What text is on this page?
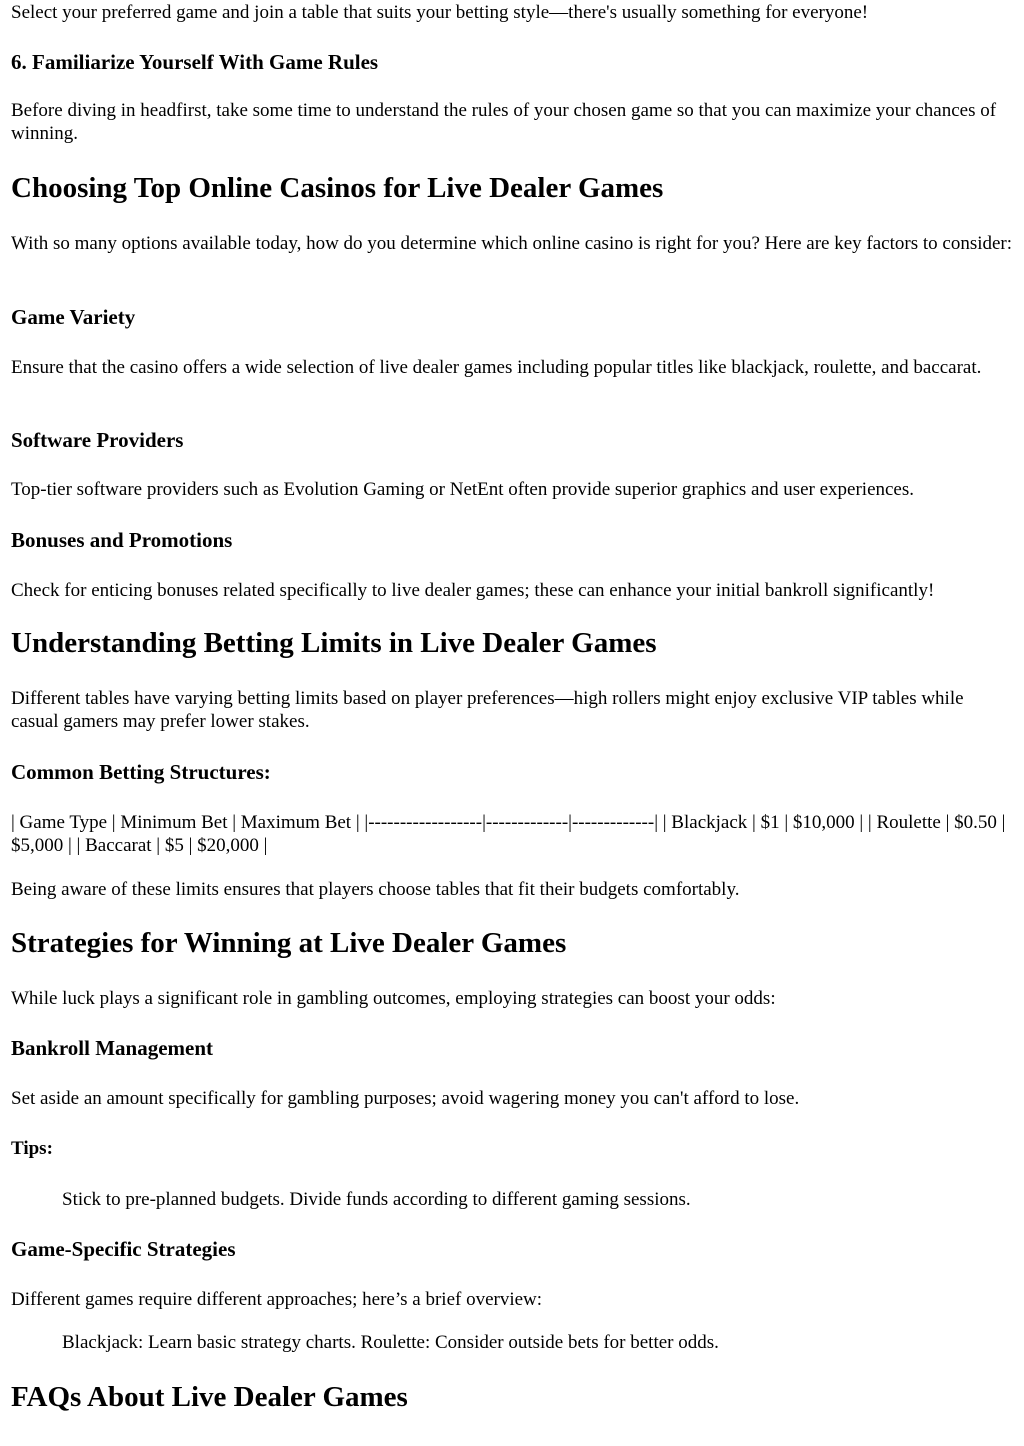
Select your preferred game and join a table that suits your betting style—there's usually something for everyone!

6. Familiarize Yourself With Game Rules

Before diving in headfirst, take some time to understand the rules of your chosen game so that you can maximize your chances of winning.

Choosing Top Online Casinos for Live Dealer Games

With so many options available today, how do you determine which online casino is right for you? Here are key factors to consider:

Game Variety

Ensure that the casino offers a wide selection of live dealer games including popular titles like blackjack, roulette, and baccarat.

Software Providers

Top-tier software providers such as Evolution Gaming or NetEnt often provide superior graphics and user experiences.

Bonuses and Promotions

Check for enticing bonuses related specifically to live dealer games; these can enhance your initial bankroll significantly!

Understanding Betting Limits in Live Dealer Games

Different tables have varying betting limits based on player preferences—high rollers might enjoy exclusive VIP tables while casual gamers may prefer lower stakes.

Common Betting Structures:

| Game Type | Minimum Bet | Maximum Bet | |------------------|-------------|-------------| | Blackjack | $1 | $10,000 | | Roulette | $0.50 | $5,000 | | Baccarat | $5 | $20,000 |

Being aware of these limits ensures that players choose tables that fit their budgets comfortably.

Strategies for Winning at Live Dealer Games

While luck plays a significant role in gambling outcomes, employing strategies can boost your odds:

Bankroll Management

Set aside an amount specifically for gambling purposes; avoid wagering money you can't afford to lose.

Tips:
Stick to pre-planned budgets. Divide funds according to different gaming sessions.
Game-Specific Strategies

Different games require different approaches; here’s a brief overview:

Blackjack: Learn basic strategy charts. Roulette: Consider outside bets for better odds.
FAQs About Live Dealer Games
